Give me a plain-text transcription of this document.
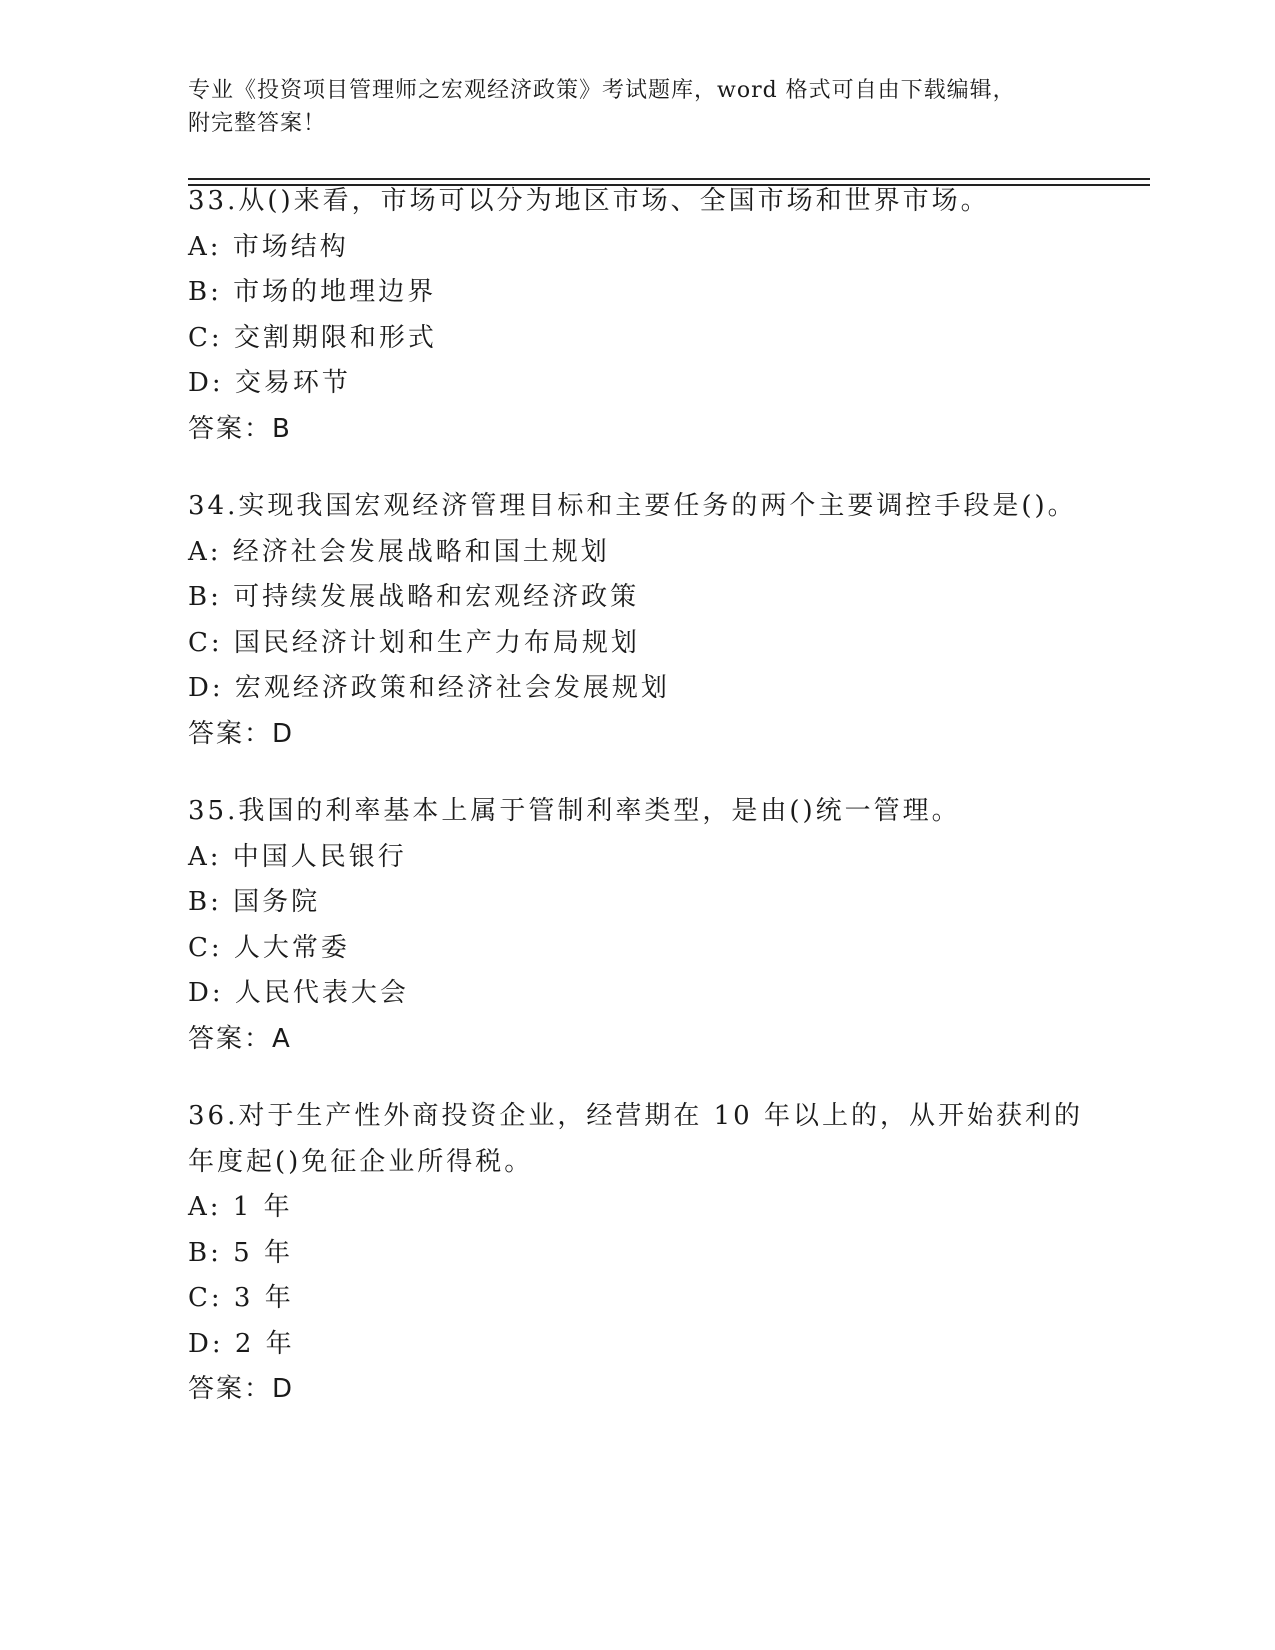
专业《投资项目管理师之宏观经济政策》考试题库，word 格式可自由下载编辑，
附完整答案！
33.从()来看，市场可以分为地区市场、全国市场和世界市场。
A: 市场结构
B: 市场的地理边界
C: 交割期限和形式
D: 交易环节
答案：B
34.实现我国宏观经济管理目标和主要任务的两个主要调控手段是()。
A: 经济社会发展战略和国土规划
B: 可持续发展战略和宏观经济政策
C: 国民经济计划和生产力布局规划
D: 宏观经济政策和经济社会发展规划
答案：D
35.我国的利率基本上属于管制利率类型，是由()统一管理。
A: 中国人民银行
B: 国务院
C: 人大常委
D: 人民代表大会
答案：A
36.对于生产性外商投资企业，经营期在 10 年以上的，从开始获利的
年度起()免征企业所得税。
A: 1 年
B: 5 年
C: 3 年
D: 2 年
答案：D
